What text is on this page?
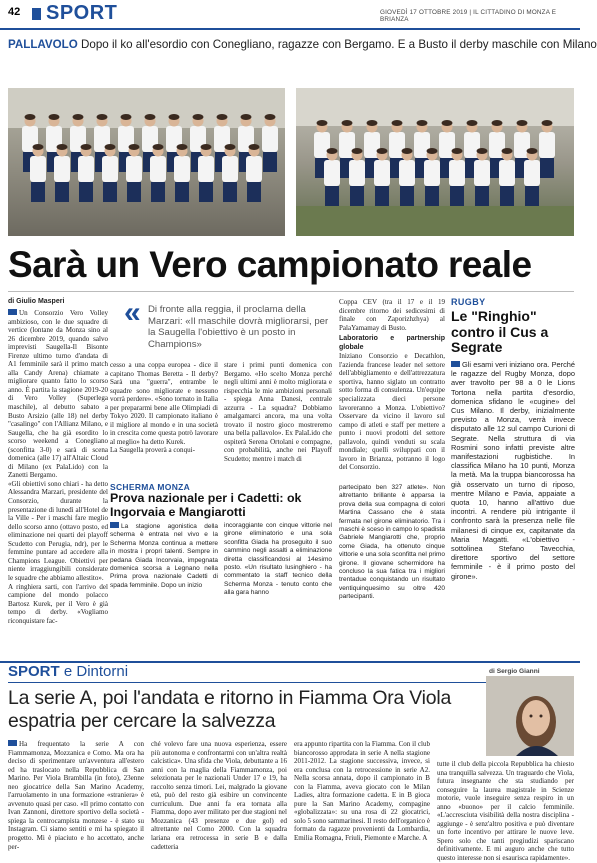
42 SPORT	GIOVEDÌ 17 OTTOBRE 2019 | IL CITTADINO DI MONZA E BRIANZA
PALLAVOLO Dopo il ko all'esordio con Conegliano, ragazze con Bergamo. E a Busto il derby maschile con Milano
Sarà un Vero campionato reale
di Giulio Masperi

Un Consorzio Vero Volley ambizioso, con le due squadre di vertice (lontane da Monza sino al 26 dicembre 2019, quando salvo imprevisti Saugella-Il Bisonte Firenze ultimo turno d'andata di A1 femminile sarà il primo match alla Candy Arena) chiamate a migliorare quanto fatto lo scorso anno. È partita la stagione 2019-20 di Vero Volley (Superlega maschile), al debutto sabato a Busto Arsizio (alle 18) nel derby "casalingo" con l'Allianz Milano, e Saugella, che ha già esordito lo scorso weekend a Conegliano (sconfitta 3-0) e sarà di scena domenica (alle 17) all'Altaic Cloud di Milano (ex PalaLido) con la Zanetti Bergamo.

«Gli obiettivi sono chiari - ha detto Alessandra Marzari, presidente del Consorzio, durante la presentazione di lunedì all'Hotel de la Ville - Per i maschi fare meglio dello scorso anno (ottavo posto, ed eliminazione nei quarti dei playoff Scudetto con Perugia, ndr), per le femmine puntare ad accedere alla Champions League. Obiettivi per niente irraggiungibili considerate le squadre che abbiamo allestito».

A ringhiera sarti, con l'arrivo del campione del mondo polacco Bartosz Kurek, per il Vero è già tempo di derby. «Vogliamo riconquistare fac-

« Di fronte alla reggia, il proclama della Marzari: «Il maschile dovrà migliorarsi, per la Saugella l'obiettivo è un posto in Champions»

cesso a una coppa europea - dice il capitano Thomas Beretta - Il derby? Sarà una "guerra", entrambe le squadre sono migliorate e nessuno vorrà perdere». «Sono tornato in Italia per prepararmi bene alle Olimpiadi di Tokyo 2020. Il campionato italiano è il migliore al mondo e in una società in crescita come questa potrò lavorare al meglio» ha detto Kurek.

La Saugella proverà a conqui-

stare i primi punti domenica con Bergamo. «Ho scelto Monza perché negli ultimi anni è molto migliorata e rispecchia le mie ambizioni personali - spiega Anna Danesi, centrale azzurra - La squadra? Dobbiamo amalgamarci ancora, ma una volta trovato il nostro gioco mostreremo una bella pallavolo». Ex PalaLido che ospiterà Serena Ortolani e compagne, con probabilità, anche nei Playoff Scudetto; mentre i match di

Coppa CEV (tra il 17 e il 19 dicembre ritorno dei sedicesimi di finale con Zaporizhzhya) al PalaYamamay di Busto.

Laboratorio e partnership globale

Iniziano Consorzio e Decathlon, l'azienda francese leader nel settore dell'abbigliamento e dell'attrezzatura sportiva, hanno siglato un contratto sotto forma di consulenza. Un'equipe specializzata dieci persone lavoreranno a Monza. L'obiettivo? Osservare da vicino il lavoro sul campo di atleti e staff per mettere a punto i nuovi prodotti del settore pallavolo, quindi venduti su scala mondiale; quelli sviluppati con il lavoro in Brianza, potranno il logo del Consorzio.

SCHERMA MONZA
Prova nazionale per i Cadetti: ok Ingorvaia e Mangiarotti

La stagione agonistica della scherma è entrata nel vivo e la Scherma Monza continua a mettere in mostra i propri talenti. Sempre in pedana Giada Incorvaia, impegnata domenica scorsa a Legnano nella Prima prova nazionale Cadetti di spada femminile. Dopo un inizio

incoraggiante con cinque vittorie nel girone eliminatorio e una sola sconfitta Giada ha proseguito il suo cammino negli assalti a eliminazione diretta classificandosi al 14esimo posto. «Un risultato lusinghiero - ha commentato la staff tecnico della Scherma Monza - tenuto conto che alla gara hanno

partecipato ben 327 atlete». Non altrettanto brillante è apparsa la prova della sua compagna di colori Martina Cassano che è stata fermata nel girone eliminatorio. Tra i maschi è sceso in campo lo spadista Gabriele Mangiarotti che, proprio come Giada, ha ottenuto cinque vittorie e una sola sconfitta nel primo girone. Il giovane schermidore ha concluso la sua fatica tra i migliori trentadue conquistando un risultato ventiquinquesimo su oltre 420 partecipanti.

RUGBY
Le "Ringhio" contro il Cus a Segrate

Gli esami veri iniziano ora. Perché le ragazze del Rugby Monza, dopo aver travolto per 98 a 0 le Lions Tortona nella partita d'esordio, domenica sfidano le «cugine» del Cus Milano. Il derby, inizialmente previsto a Monza, verrà invece disputato alle 12 sul campo Curioni di Segrate. Nella struttura di via Rosmini sono infatti previste altre manifestazioni rugbistiche. In classifica Milano ha 10 punti, Monza la metà. Ma la truppa biancorossa ha già osservato un turno di riposo, mentre Milano e Pavia, appaiate a quota 10, hanno all'attivo due incontri. A rendere più intrigante il confronto sarà la presenza nelle file milanesi di cinque ex, capitanate da Maria Magatti. «L'obiettivo - sottolinea Stefano Tavecchia, direttore sportivo del settore femminile - è il primo posto del girone».

SPORT e Dintorni	di Sergio Gianni
La serie A, poi l'andata e ritorno in Fiamma Ora Viola espatria per cercare la salvezza

Ha frequentato la serie A con Fiammamonza, Mozzanica e Como. Ma ora ha deciso di sperimentare un'avventura all'estero ed ha traslocato nella Repubblica di San Marino. Per Viola Brambilla (in foto), 23enne neo giocatrice della San Marino Academy, l'arruolamento in una formazione «straniera» è avvenuto quasi per caso. «Il primo contatto con Ivan Zannoni, direttore sportivo della società - spiega la centrocampista monzese - è stato su Instagram. Ci siamo sentiti e mi ha spiegato il progetto. Mi è piaciuto e ho accettato, anche per-

ché volevo fare una nuova esperienza, essere più autonoma e confrontarmi con un'altra realtà calcistica». Una sfida che Viola, debuttante a 16 anni con la maglia della Fiammamonza, poi selezionata per le nazionali Under 17 e 19, ha raccolto senza timori. Lei, malgrado la giovane età, può del resto già esibire un convincente curriculum. Due anni fa era tornata alla Fiamma, dopo aver militato per due stagioni nel Mozzanica (43 presenze e due gol) ed altrettante nel Como 2000. Con la squadra lariana era retrocessa in serie B e dalla cadetteria

era appunto ripartita con la Fiamma. Con il club biancorosso approdata in serie A nella stagione 2011-2012. La stagione successiva, invece, si era conclusa con la retrocessione in serie A2. Nella scorsa annata, dopo il campionato in B con la Fiamma, aveva giocato con le Milan Ladies, altra formazione cadetta. E in B gioca pure la San Marino Academy, compagine «globalizzata»: su una rosa di 22 giocatrici, solo 5 sono sammarinesi. Il resto dell'organico è formato da ragazze provenienti da Lombardia, Emilia Romagna, Friuli, Piemonte e Marche. A

tutte il club della piccola Repubblica ha chiesto una tranquilla salvezza. Un traguardo che Viola, futura insegnante che sta studiando per conseguire la laurea magistrale in Scienze motorie, vuole inseguire senza respiro in un anno «buono» per il calcio femminile. «L'accresciuta visibilità della nostra disciplina - aggiunge - è senz'altro positiva e può diventare un forte incentivo per attirare le nuove leve. Spero solo che tanti pregiudizi spariscano definitivamente. E mi auguro anche che tutto questo interesse non si esaurisca rapidamente».
